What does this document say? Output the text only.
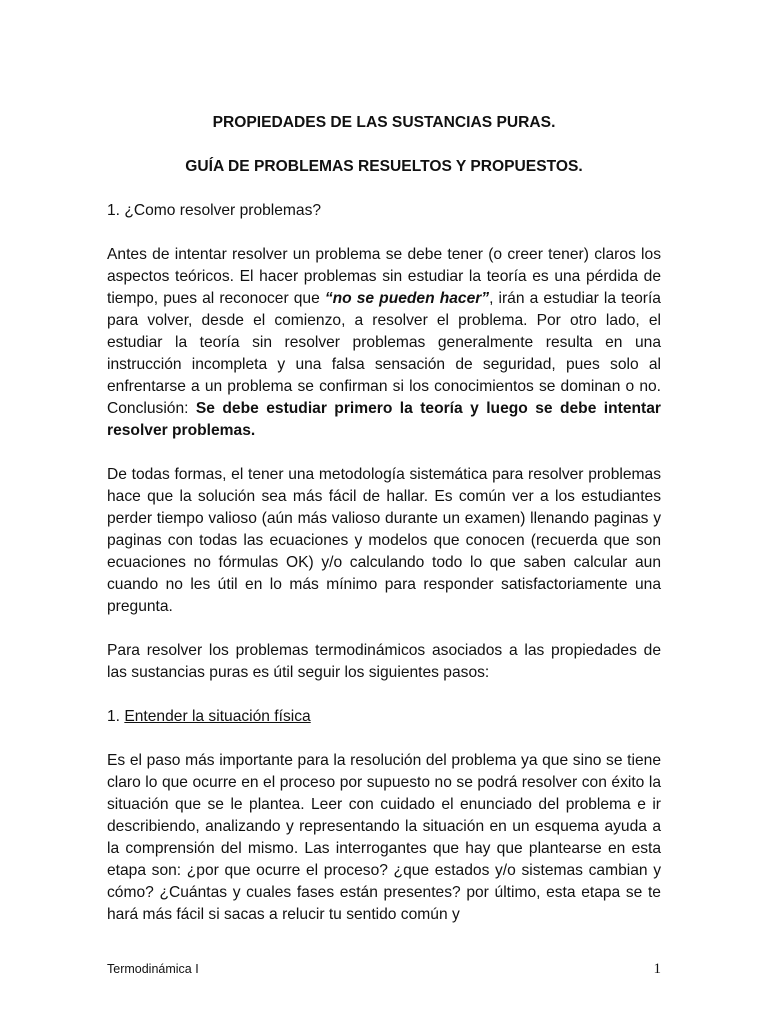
PROPIEDADES DE LAS SUSTANCIAS PURAS.

GUÍA DE PROBLEMAS RESUELTOS Y PROPUESTOS.

1. ¿Como resolver problemas?

Antes de intentar resolver un problema se debe tener (o creer tener) claros los aspectos teóricos. El hacer problemas sin estudiar la teoría es una pérdida de tiempo, pues al reconocer que “no se pueden hacer”, irán a estudiar la teoría para volver, desde el comienzo, a resolver el problema. Por otro lado, el estudiar la teoría sin resolver problemas generalmente resulta en una instrucción incompleta y una falsa sensación de seguridad, pues solo al enfrentarse a un problema se confirman si los conocimientos se dominan o no. Conclusión: Se debe estudiar primero la teoría y luego se debe intentar resolver problemas.

De todas formas, el tener una metodología sistemática para resolver problemas hace que la solución sea más fácil de hallar. Es común ver a los estudiantes perder tiempo valioso (aún más valioso durante un examen) llenando paginas y paginas con todas las ecuaciones y modelos que conocen (recuerda que son ecuaciones no fórmulas OK) y/o calculando todo lo que saben calcular aun cuando no les útil en lo más mínimo para responder satisfactoriamente una pregunta.

Para resolver los problemas termodinámicos asociados a las propiedades de las sustancias puras es útil seguir los siguientes pasos:

1. Entender la situación física

Es el paso más importante para la resolución del problema ya que sino se tiene claro lo que ocurre en el proceso por supuesto no se podrá resolver con éxito la situación que se le plantea. Leer con cuidado el enunciado del problema e ir describiendo, analizando y representando la situación en un esquema ayuda a la comprensión del mismo. Las interrogantes que hay que plantearse en esta etapa son: ¿por que ocurre el proceso? ¿que estados y/o sistemas cambian y cómo? ¿Cuántas y cuales fases están presentes? por último, esta etapa se te hará más fácil si sacas a relucir tu sentido común y

Termodinámica I	1
